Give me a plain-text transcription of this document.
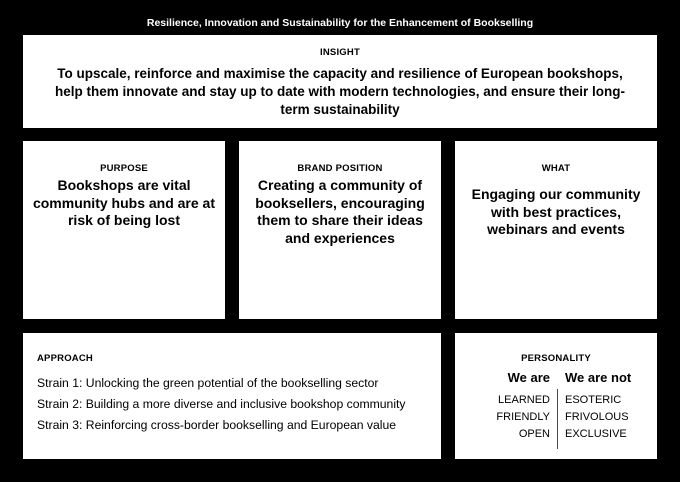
Resilience, Innovation and Sustainability for the Enhancement of Bookselling
INSIGHT
To upscale, reinforce and maximise the capacity and resilience of European bookshops, help them innovate and stay up to date with modern technologies, and ensure their long-term sustainability
PURPOSE
Bookshops are vital community hubs and are at risk of being lost
BRAND POSITION
Creating a community of booksellers, encouraging them to share their ideas and experiences
WHAT
Engaging our community with best practices, webinars and events
APPROACH
Strain 1: Unlocking the green potential of the bookselling sector
Strain 2: Building a more diverse and inclusive bookshop community
Strain 3: Reinforcing cross-border bookselling and European value
PERSONALITY
We are We are not
LEARNED
FRIENDLY
OPEN
ESOTERIC
FRIVOLOUS
EXCLUSIVE
